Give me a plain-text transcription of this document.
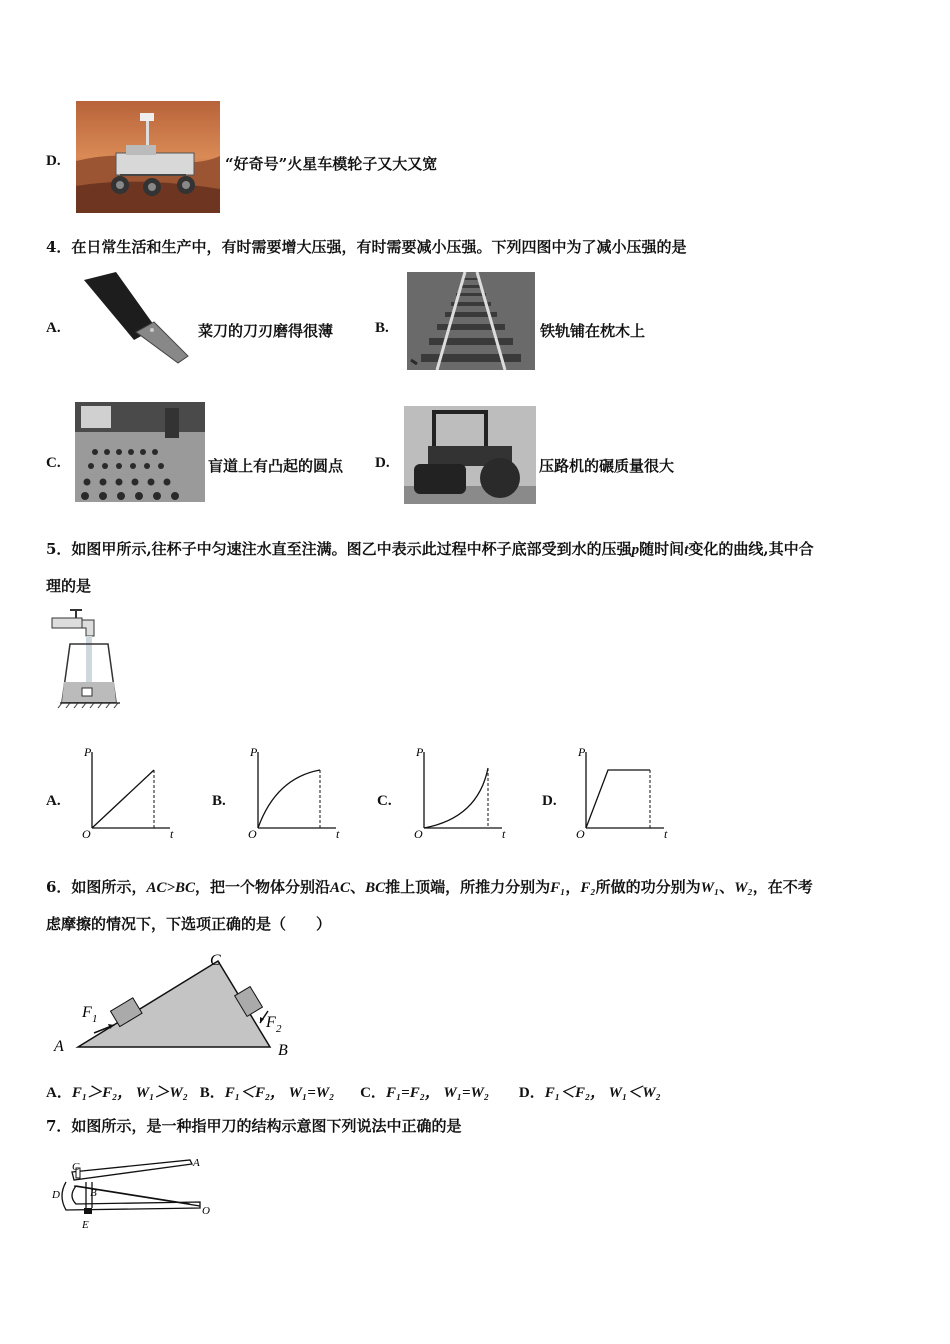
D.	“好奇号”火星车模轮子又大又宽
4．在日常生活和生产中，有时需要增大压强，有时需要减小压强。下列四图中为了减小压强的是
A.	菜刀的刀刃磨得很薄	B.	铁轨铺在枕木上
C.	盲道上有凸起的圆点 D.	压路机的碾质量很大
5．如图甲所示,往杯子中匀速注水直至注满。图乙中表示此过程中杯子底部受到水的压强p随时间t变化的曲线,其中合
理的是
A.
P
t
O
B.
P
t
O
C.
P
t
O
D.
P
t
O
6．如图所示，AC>BC，把一个物体分别沿AC、BC推上顶端，所推力分别为F₁，F₂所做的功分别为W₁、W₂，在不考
虑摩擦的情况下，下选项正确的是（　　）
A	B
C
F 1	F 2
A．F₁＞F₂， W₁＞W₂ B．F₁＜F₂， W₁=W₂ C．F₁=F₂， W₁=W₂ D．F₁＜F₂， W₁＜W₂
7．如图所示，是一种指甲刀的结构示意图下列说法中正确的是
C	A
D	B
E
O
